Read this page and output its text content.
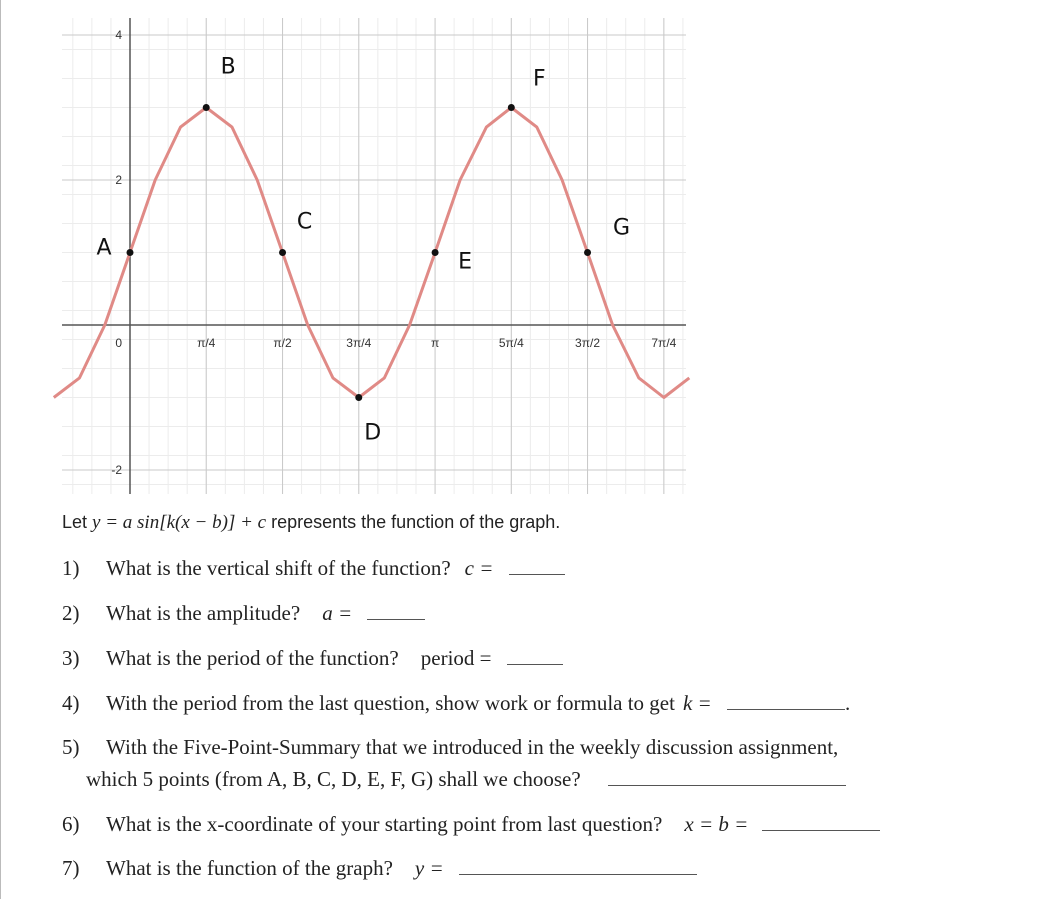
π/4	π/2	3π/4	π	5π/4	3π/2	7π/4
4
2
0
-2
A
B
C
D
E
F
G
Let y = a sin[k(x − b)] + c represents the function of the graph.
1) What is the vertical shift of the function? c =
2) What is the amplitude? a =
3) What is the period of the function? period =
4) With the period from the last question, show work or formula to get k =	.
5) With the Five-Point-Summary that we introduced in the weekly discussion assignment,
which 5 points (from A, B, C, D, E, F, G) shall we choose?
6) What is the x-coordinate of your starting point from last question? x = b =
7) What is the function of the graph? y =
